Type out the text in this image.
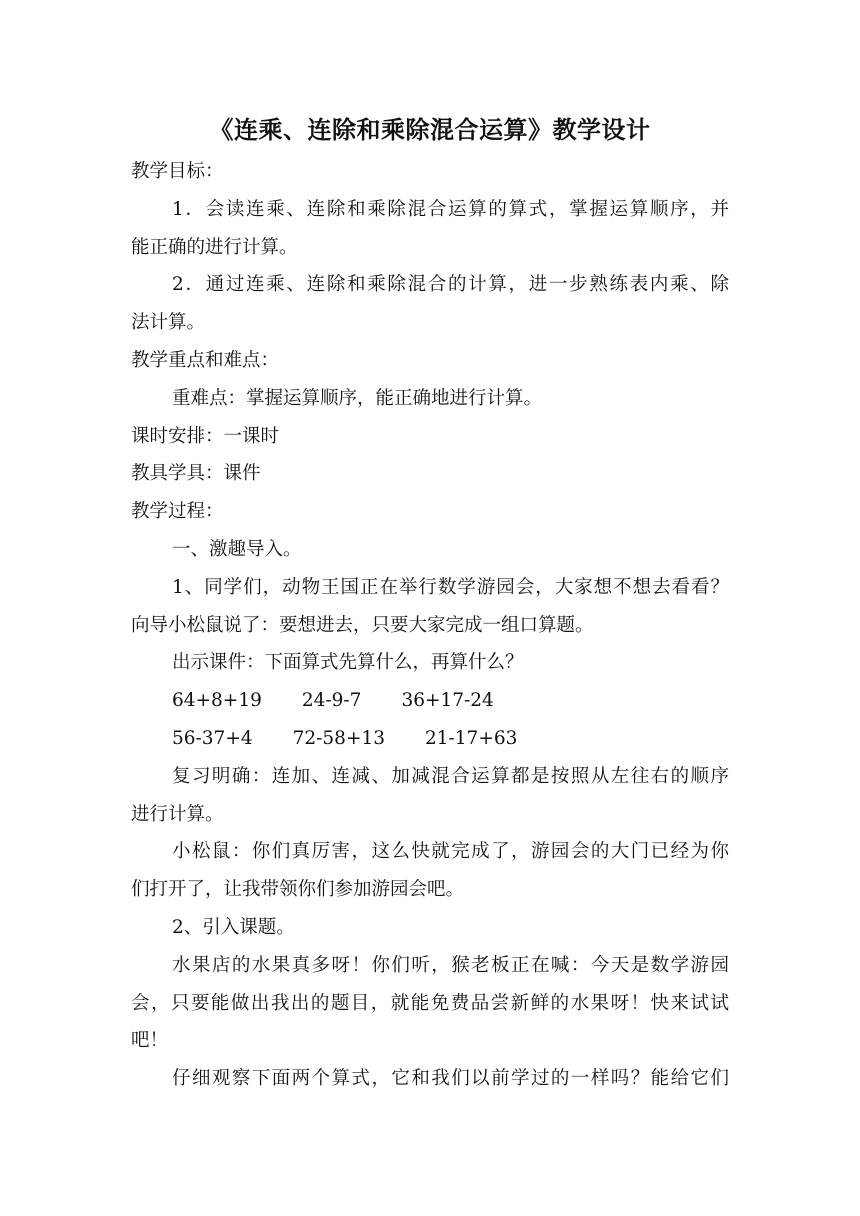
《连乘、连除和乘除混合运算》教学设计
教学目标：
1．会读连乘、连除和乘除混合运算的算式，掌握运算顺序，并
能正确的进行计算。
2．通过连乘、连除和乘除混合的计算，进一步熟练表内乘、除
法计算。
教学重点和难点：
重难点：掌握运算顺序，能正确地进行计算。
课时安排：一课时
教具学具：课件
教学过程：
一、激趣导入。
1、同学们，动物王国正在举行数学游园会，大家想不想去看看？
向导小松鼠说了：要想进去，只要大家完成一组口算题。
出示课件：下面算式先算什么，再算什么？
64+8+19 24-9-7 36+17-24
56-37+4 72-58+13 21-17+63
复习明确：连加、连减、加减混合运算都是按照从左往右的顺序
进行计算。
小松鼠：你们真厉害，这么快就完成了，游园会的大门已经为你
们打开了，让我带领你们参加游园会吧。
2、引入课题。
水果店的水果真多呀！你们听，猴老板正在喊：今天是数学游园
会，只要能做出我出的题目，就能免费品尝新鲜的水果呀！快来试试
吧！
仔细观察下面两个算式，它和我们以前学过的一样吗？能给它们
